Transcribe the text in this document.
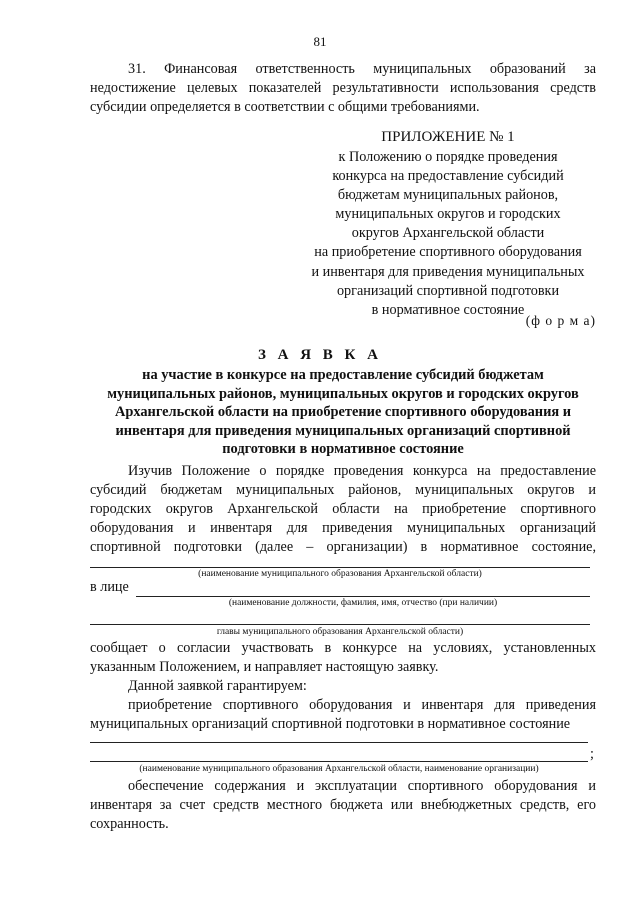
81
31. Финансовая ответственность муниципальных образований за недостижение целевых показателей результативности использования средств субсидии определяется в соответствии с общими требованиями.
ПРИЛОЖЕНИЕ № 1
к Положению о порядке проведения
конкурса на предоставление субсидий
бюджетам муниципальных районов,
муниципальных округов и городских
округов Архангельской области
на приобретение спортивного оборудования
и инвентаря для приведения муниципальных
организаций спортивной подготовки
в нормативное состояние
(ф о р м а)
З А Я В К А
на участие в конкурсе на предоставление субсидий бюджетам муниципальных районов, муниципальных округов и городских округов Архангельской области на приобретение спортивного оборудования и инвентаря для приведения муниципальных организаций спортивной подготовки в нормативное состояние
Изучив Положение о порядке проведения конкурса на предоставление субсидий бюджетам муниципальных районов, муниципальных округов и городских округов Архангельской области на приобретение спортивного оборудования и инвентаря для приведения муниципальных организаций спортивной подготовки (далее – организации) в нормативное состояние,
(наименование муниципального образования Архангельской области)
в лице
(наименование должности, фамилия, имя, отчество (при наличии)
главы муниципального образования Архангельской области)
сообщает о согласии участвовать в конкурсе на условиях, установленных указанным Положением, и направляет настоящую заявку.
Данной заявкой гарантируем:
приобретение спортивного оборудования и инвентаря для приведения муниципальных организаций спортивной подготовки в нормативное состояние
;
(наименование муниципального образования Архангельской области, наименование организации)
обеспечение содержания и эксплуатации спортивного оборудования и инвентаря за счет средств местного бюджета или внебюджетных средств, его сохранность.
